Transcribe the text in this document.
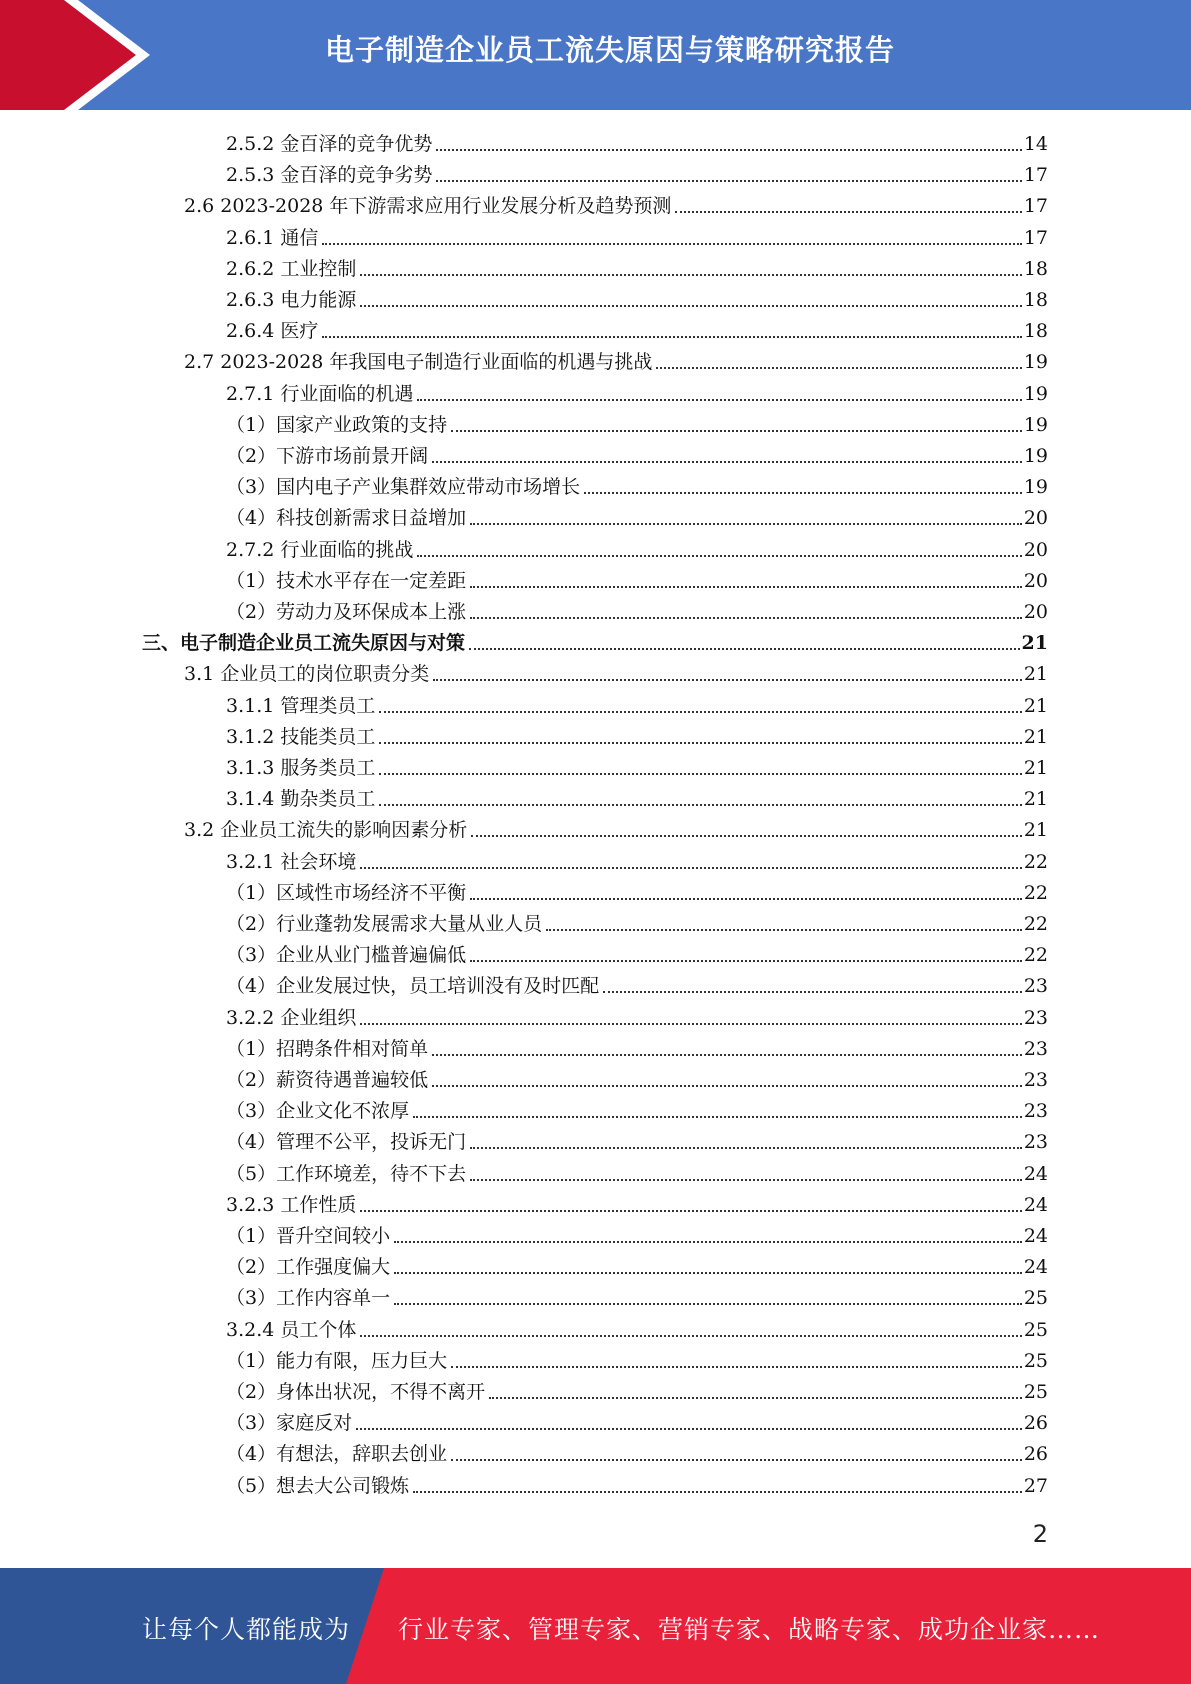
电子制造企业员工流失原因与策略研究报告
2.5.2 金百泽的竞争优势	14
2.5.3 金百泽的竞争劣势	17
2.6 2023-2028 年下游需求应用行业发展分析及趋势预测	17
2.6.1 通信	17
2.6.2 工业控制	18
2.6.3 电力能源	18
2.6.4 医疗	18
2.7 2023-2028 年我国电子制造行业面临的机遇与挑战	19
2.7.1 行业面临的机遇	19
（1）国家产业政策的支持	19
（2）下游市场前景开阔	19
（3）国内电子产业集群效应带动市场增长	19
（4）科技创新需求日益增加	20
2.7.2 行业面临的挑战	20
（1）技术水平存在一定差距	20
（2）劳动力及环保成本上涨	20
三、电子制造企业员工流失原因与对策	21
3.1 企业员工的岗位职责分类	21
3.1.1 管理类员工	21
3.1.2 技能类员工	21
3.1.3 服务类员工	21
3.1.4 勤杂类员工	21
3.2 企业员工流失的影响因素分析	21
3.2.1 社会环境	22
（1）区域性市场经济不平衡	22
（2）行业蓬勃发展需求大量从业人员	22
（3）企业从业门槛普遍偏低	22
（4）企业发展过快，员工培训没有及时匹配	23
3.2.2 企业组织	23
（1）招聘条件相对简单	23
（2）薪资待遇普遍较低	23
（3）企业文化不浓厚	23
（4）管理不公平，投诉无门	23
（5）工作环境差，待不下去	24
3.2.3 工作性质	24
（1）晋升空间较小	24
（2）工作强度偏大	24
（3）工作内容单一	25
3.2.4 员工个体	25
（1）能力有限，压力巨大	25
（2）身体出状况，不得不离开	25
（3）家庭反对	26
（4）有想法，辞职去创业	26
（5）想去大公司锻炼	27
2
让每个人都能成为 行业专家、管理专家、营销专家、战略专家、成功企业家……
